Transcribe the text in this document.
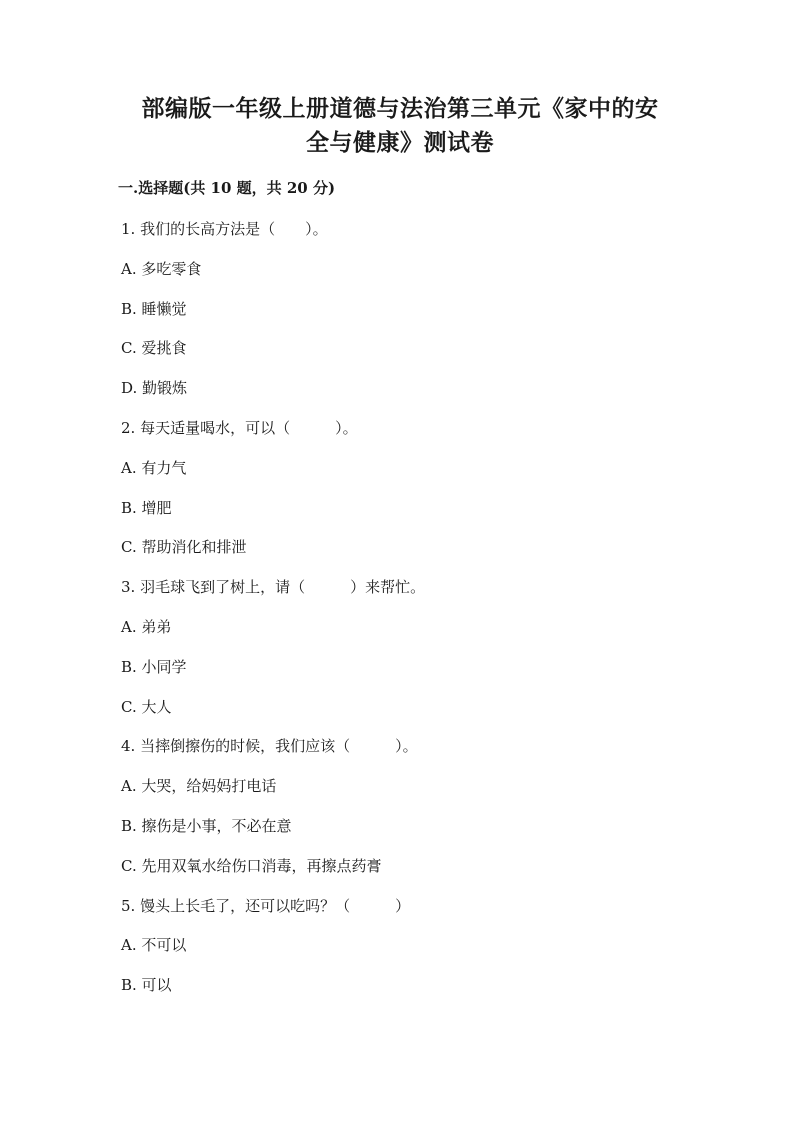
部编版一年级上册道德与法治第三单元《家中的安
全与健康》测试卷
一.选择题(共 10 题，共 20 分)
1. 我们的长高方法是（　　）。
A. 多吃零食
B. 睡懒觉
C. 爱挑食
D. 勤锻炼
2. 每天适量喝水，可以（　　　）。
A. 有力气
B. 增肥
C. 帮助消化和排泄
3. 羽毛球飞到了树上，请（　　　）来帮忙。
A. 弟弟
B. 小同学
C. 大人
4. 当摔倒擦伤的时候，我们应该（　　　）。
A. 大哭，给妈妈打电话
B. 擦伤是小事，不必在意
C. 先用双氧水给伤口消毒，再擦点药膏
5. 馒头上长毛了，还可以吃吗？（　　　）
A. 不可以
B. 可以
